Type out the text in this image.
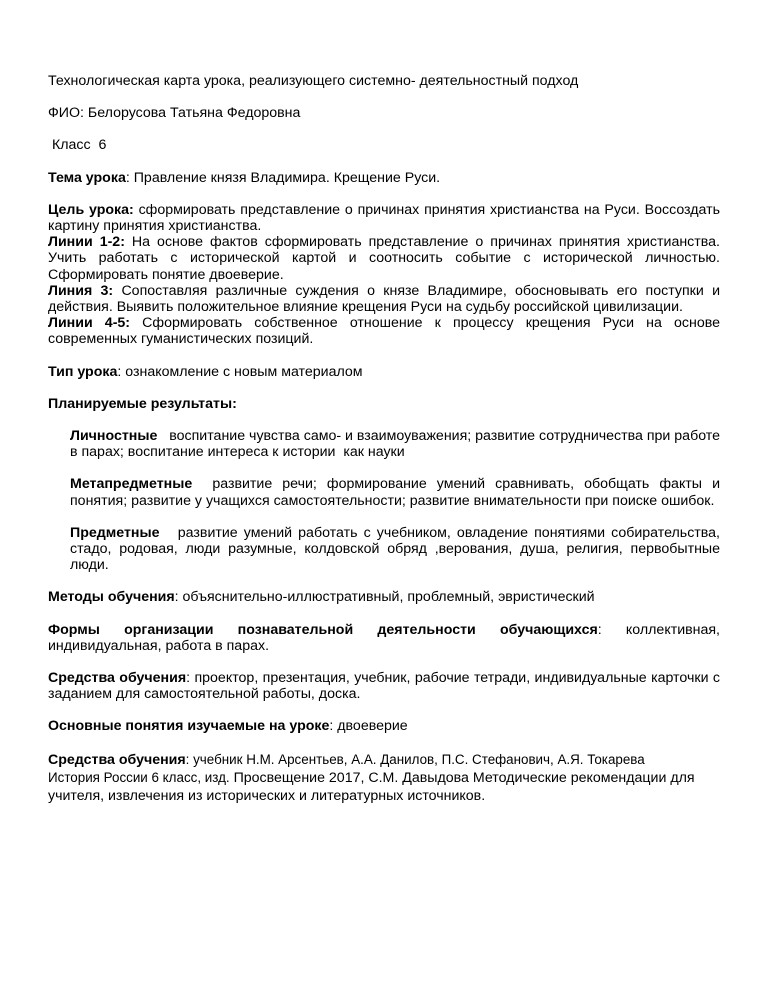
Технологическая карта урока, реализующего системно- деятельностный подход

ФИО: Белорусова Татьяна Федоровна

Класс  6

Тема урока: Правление князя Владимира. Крещение Руси.

Цель урока: сформировать представление о причинах принятия христианства на Руси. Воссоздать картину принятия христианства.

Линии 1-2: На основе фактов сформировать представление о причинах принятия христианства. Учить работать с исторической картой и соотносить событие с исторической личностью. Сформировать понятие двоеверие.

Линия 3: Сопоставляя различные суждения о князе Владимире, обосновывать его поступки и действия. Выявить положительное влияние крещения Руси на судьбу российской цивилизации.

Линии 4-5: Сформировать собственное отношение к процессу крещения Руси на основе современных гуманистических позиций.

Тип урока: ознакомление с новым материалом

Планируемые результаты:

Личностные   воспитание чувства само- и взаимоуважения; развитие сотрудничества при работе в парах; воспитание интереса к истории  как науки

Метапредметные  развитие речи; формирование умений сравнивать, обобщать факты и понятия; развитие у учащихся самостоятельности; развитие внимательности при поиске ошибок.

Предметные   развитие умений работать с учебником, овладение понятиями собирательства, стадо, родовая, люди разумные, колдовской обряд ,верования, душа, религия, первобытные люди.

Методы обучения: объяснительно-иллюстративный, проблемный, эвристический

Формы организации познавательной деятельности обучающихся: коллективная, индивидуальная, работа в парах.

Средства обучения: проектор, презентация, учебник, рабочие тетради, индивидуальные карточки с заданием для самостоятельной работы, доска.

Основные понятия изучаемые на уроке: двоеверие

Средства обучения: учебник Н.М. Арсентьев, А.А. Данилов, П.С. Стефанович, А.Я. Токарева
История России 6 класс, изд. Просвещение 2017, С.М. Давыдова Методические рекомендации для учителя, извлечения из исторических и литературных источников.
